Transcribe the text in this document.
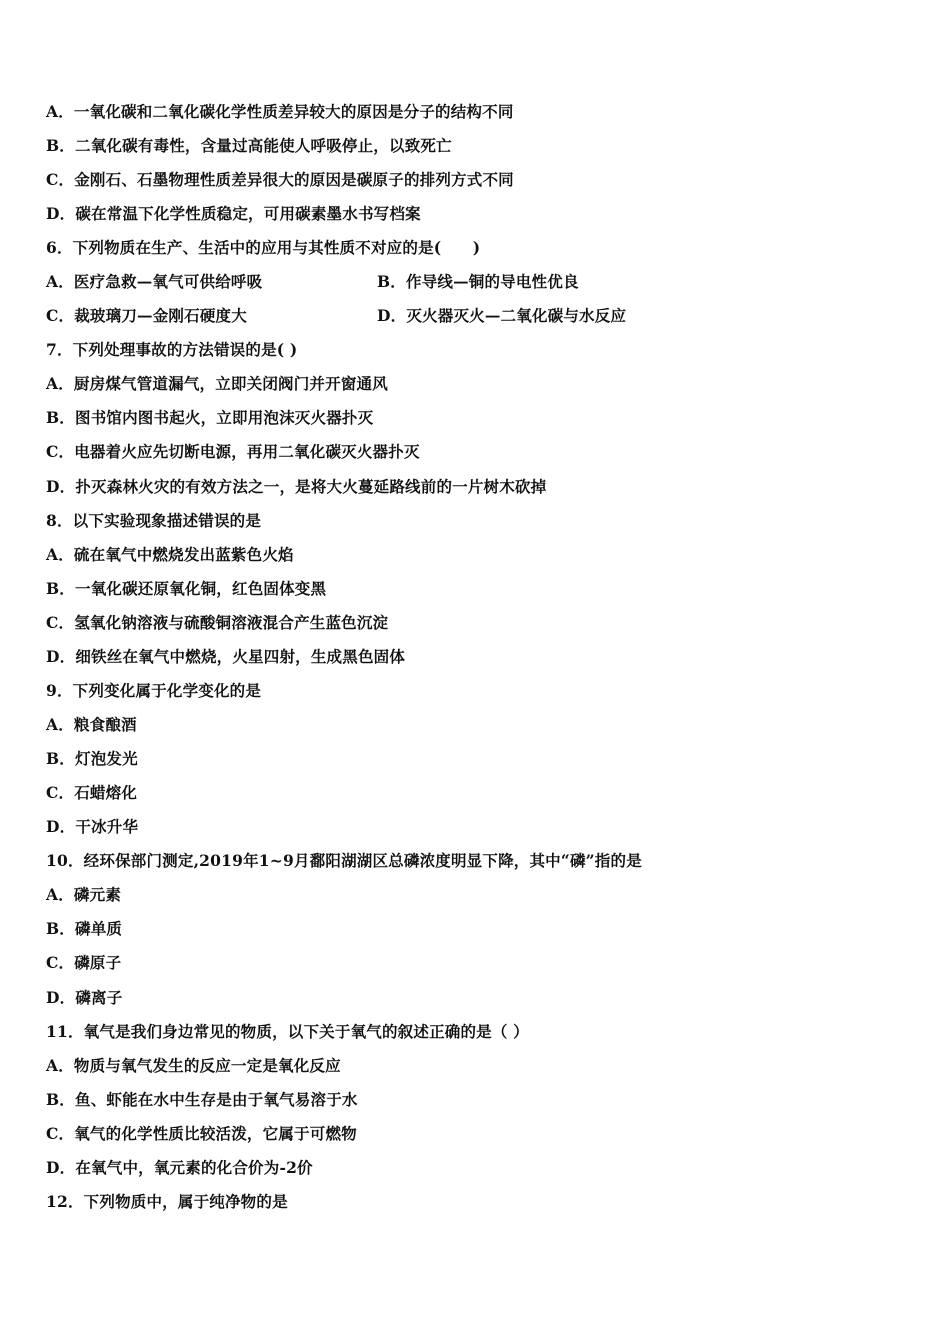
A．一氧化碳和二氧化碳化学性质差异较大的原因是分子的结构不同
B．二氧化碳有毒性，含量过高能使人呼吸停止，以致死亡
C．金刚石、石墨物理性质差异很大的原因是碳原子的排列方式不同
D．碳在常温下化学性质稳定，可用碳素墨水书写档案
6．下列物质在生产、生活中的应用与其性质不对应的是(　　)
A．医疗急救—氧气可供给呼吸	B．作导线—铜的导电性优良
C．裁玻璃刀—金刚石硬度大	D．灭火器灭火—二氧化碳与水反应
7．下列处理事故的方法错误的是( )
A．厨房煤气管道漏气，立即关闭阀门并开窗通风
B．图书馆内图书起火，立即用泡沫灭火器扑灭
C．电器着火应先切断电源，再用二氧化碳灭火器扑灭
D．扑灭森林火灾的有效方法之一，是将大火蔓延路线前的一片树木砍掉
8．以下实验现象描述错误的是
A．硫在氧气中燃烧发出蓝紫色火焰
B．一氧化碳还原氧化铜，红色固体变黑
C．氢氧化钠溶液与硫酸铜溶液混合产生蓝色沉淀
D．细铁丝在氧气中燃烧，火星四射，生成黑色固体
9．下列变化属于化学变化的是
A．粮食酿酒
B．灯泡发光
C．石蜡熔化
D．干冰升华
10．经环保部门测定,2019年1~9月鄱阳湖湖区总磷浓度明显下降，其中“磷”指的是
A．磷元素
B．磷单质
C．磷原子
D．磷离子
11．氧气是我们身边常见的物质，以下关于氧气的叙述正确的是（ ）
A．物质与氧气发生的反应一定是氧化反应
B．鱼、虾能在水中生存是由于氧气易溶于水
C．氧气的化学性质比较活泼，它属于可燃物
D．在氧气中，氧元素的化合价为-2价
12．下列物质中，属于纯净物的是
